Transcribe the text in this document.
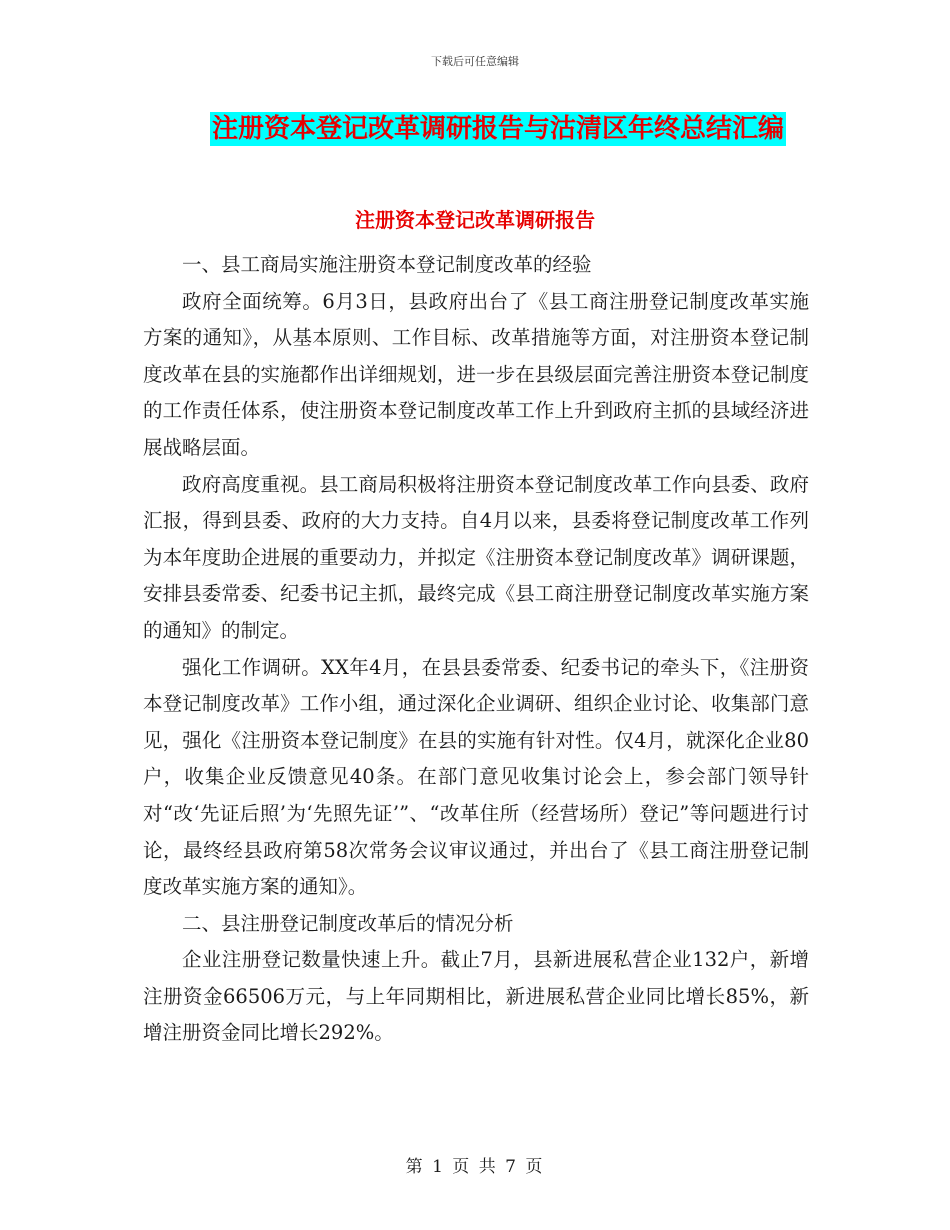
下载后可任意编辑
注册资本登记改革调研报告与沽清区年终总结汇编
注册资本登记改革调研报告

一、县工商局实施注册资本登记制度改革的经验

政府全面统筹。6月3日，县政府出台了《县工商注册登记制度改革实施方案的通知》，从基本原则、工作目标、改革措施等方面，对注册资本登记制度改革在县的实施都作出详细规划，进一步在县级层面完善注册资本登记制度的工作责任体系，使注册资本登记制度改革工作上升到政府主抓的县域经济进展战略层面。

政府高度重视。县工商局积极将注册资本登记制度改革工作向县委、政府汇报，得到县委、政府的大力支持。自4月以来，县委将登记制度改革工作列为本年度助企进展的重要动力，并拟定《注册资本登记制度改革》调研课题，安排县委常委、纪委书记主抓，最终完成《县工商注册登记制度改革实施方案的通知》的制定。

强化工作调研。XX年4月，在县县委常委、纪委书记的牵头下，《注册资本登记制度改革》工作小组，通过深化企业调研、组织企业讨论、收集部门意见，强化《注册资本登记制度》在县的实施有针对性。仅4月，就深化企业80户，收集企业反馈意见40条。在部门意见收集讨论会上，参会部门领导针对“改‘先证后照’为‘先照先证’”、“改革住所（经营场所）登记”等问题进行讨论，最终经县政府第58次常务会议审议通过，并出台了《县工商注册登记制度改革实施方案的通知》。

二、县注册登记制度改革后的情况分析

企业注册登记数量快速上升。截止7月，县新进展私营企业132户，新增注册资金66506万元，与上年同期相比，新进展私营企业同比增长85%，新增注册资金同比增长292%。

第 1 页 共 7 页
